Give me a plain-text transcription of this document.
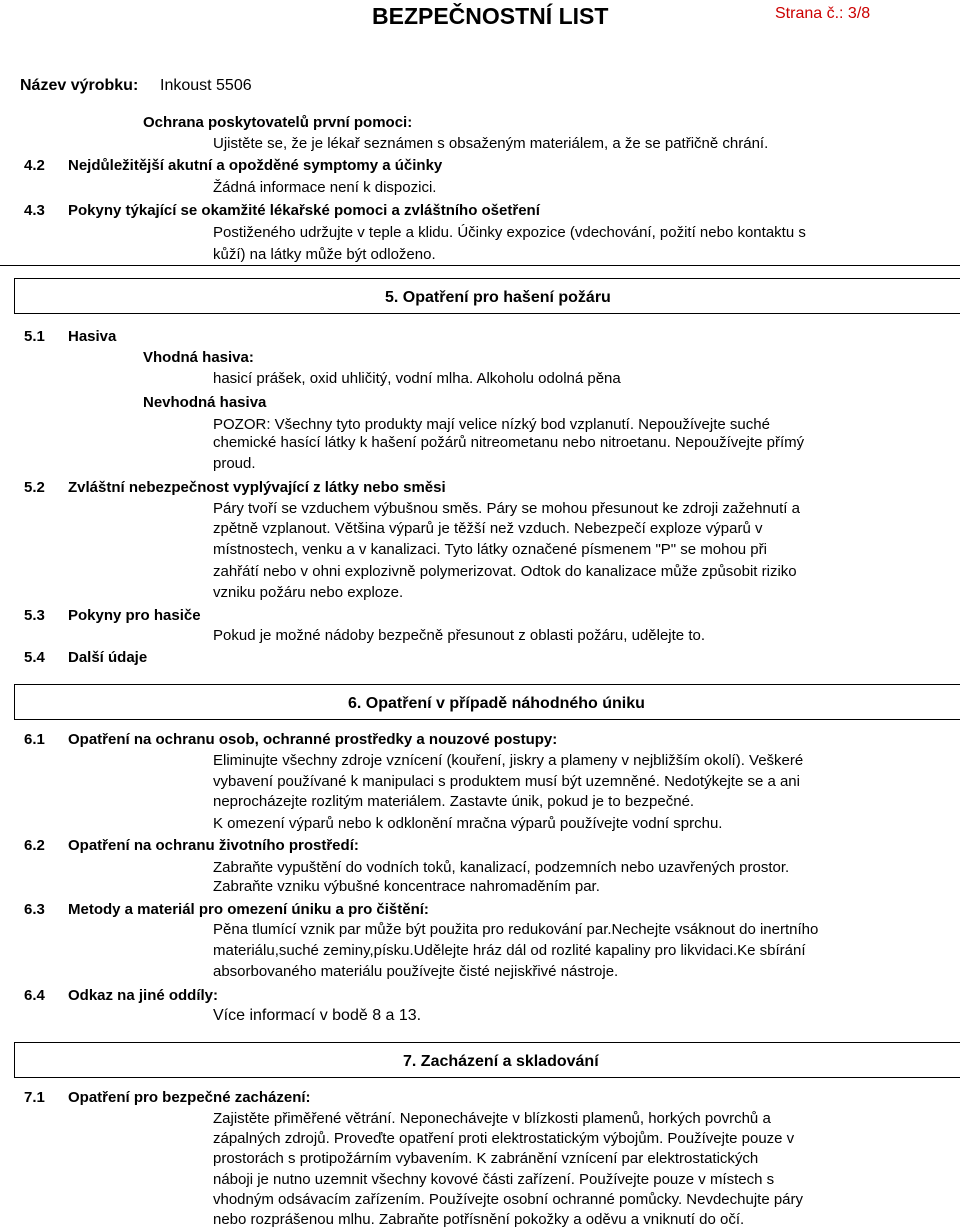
BEZPEČNOSTNÍ LIST	Strana č.: 3/8
Název výrobku: Inkoust 5506
Ochrana poskytovatelů první pomoci:
Ujistěte se, že je lékař seznámen s obsaženým materiálem, a že se patřičně chrání.
4.2 Nejdůležitější akutní a opožděné symptomy a účinky
Žádná informace není k dispozici.
4.3 Pokyny týkající se okamžité lékařské pomoci a zvláštního ošetření
Postiženého udržujte v teple a klidu. Účinky expozice (vdechování, požití nebo kontaktu s
kůží) na látky může být odloženo.
5. Opatření pro hašení požáru
5.1 Hasiva
Vhodná hasiva:
hasicí prášek, oxid uhličitý, vodní mlha. Alkoholu odolná pěna
Nevhodná hasiva
POZOR: Všechny tyto produkty mají velice nízký bod vzplanutí. Nepoužívejte suché
chemické hasící látky k hašení požárů nitreometanu nebo nitroetanu. Nepoužívejte přímý
proud.
5.2 Zvláštní nebezpečnost vyplývající z látky nebo směsi
Páry tvoří se vzduchem výbušnou směs. Páry se mohou přesunout ke zdroji zažehnutí a
zpětně vzplanout. Většina výparů je těžší než vzduch. Nebezpečí exploze výparů v
místnostech, venku a v kanalizaci. Tyto látky označené písmenem "P" se mohou při
zahřátí nebo v ohni explozivně polymerizovat. Odtok do kanalizace může způsobit riziko
vzniku požáru nebo exploze.
5.3 Pokyny pro hasiče
Pokud je možné nádoby bezpečně přesunout z oblasti požáru, udělejte to.
5.4 Další údaje
6. Opatření v případě náhodného úniku
6.1 Opatření na ochranu osob, ochranné prostředky a nouzové postupy:
Eliminujte všechny zdroje vznícení (kouření, jiskry a plameny v nejbližším okolí). Veškeré
vybavení používané k manipulaci s produktem musí být uzemněné. Nedotýkejte se a ani
neprocházejte rozlitým materiálem. Zastavte únik, pokud je to bezpečné.
K omezení výparů nebo k odklonění mračna výparů používejte vodní sprchu.
6.2 Opatření na ochranu životního prostředí:
Zabraňte vypuštění do vodních toků, kanalizací, podzemních nebo uzavřených prostor.
Zabraňte vzniku výbušné koncentrace nahromaděním par.
6.3 Metody a materiál pro omezení úniku a pro čištění:
Pěna tlumící vznik par může být použita pro redukování par.Nechejte vsáknout do inertního
materiálu,suché zeminy,písku.Udělejte hráz dál od rozlité kapaliny pro likvidaci.Ke sbírání
absorbovaného materiálu používejte čisté nejiskřivé nástroje.
6.4 Odkaz na jiné oddíly:
Více informací v bodě 8 a 13.
7. Zacházení a skladování
7.1 Opatření pro bezpečné zacházení:
Zajistěte přiměřené větrání. Neponechávejte v blízkosti plamenů, horkých povrchů a
zápalných zdrojů. Proveďte opatření proti elektrostatickým výbojům. Používejte pouze v
prostorách s protipožárním vybavením. K zabránění vznícení par elektrostatických
náboji je nutno uzemnit všechny kovové části zařízení. Používejte pouze v místech s
vhodným odsávacím zařízením. Používejte osobní ochranné pomůcky. Nevdechujte páry
nebo rozprášenou mlhu. Zabraňte potřísnění pokožky a oděvu a vniknutí do očí.
